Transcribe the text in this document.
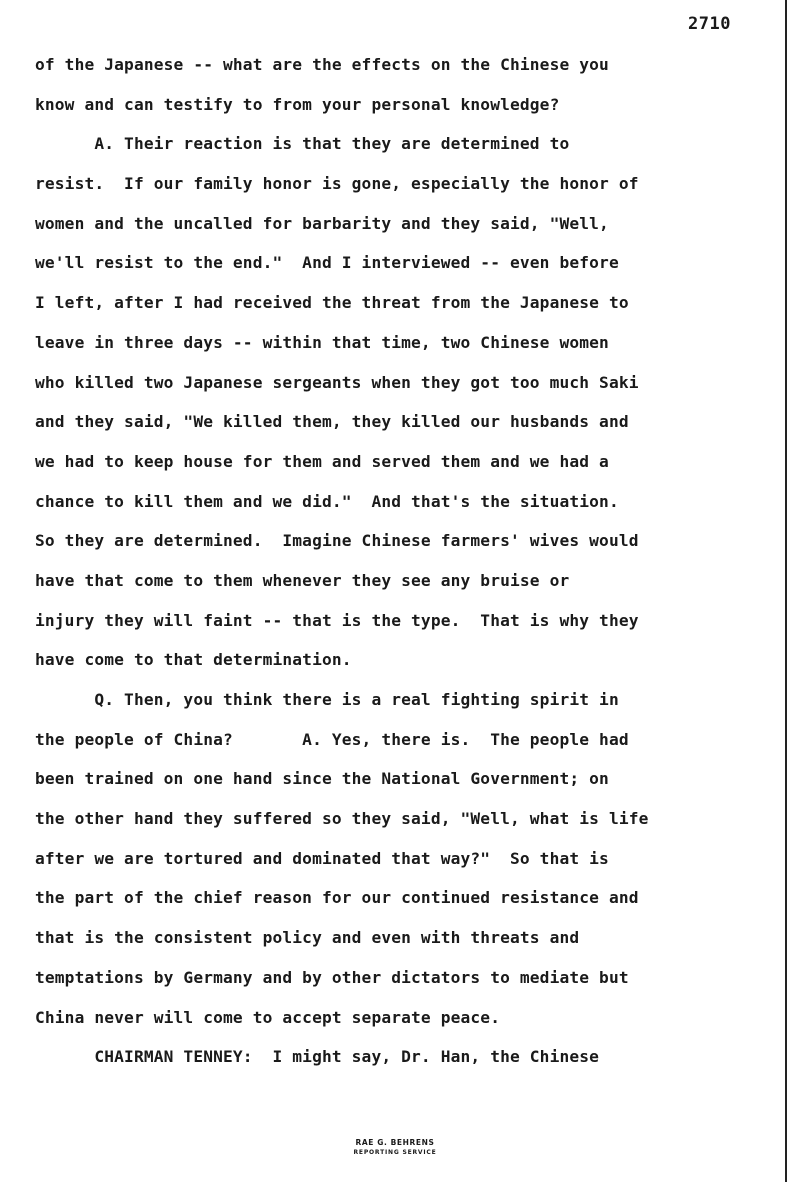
2710
of the Japanese -- what are the effects on the Chinese you
know and can testify to from your personal knowledge?
A. Their reaction is that they are determined to
resist.  If our family honor is gone, especially the honor of
women and the uncalled for barbarity and they said, "Well,
we'll resist to the end."  And I interviewed -- even before
I left, after I had received the threat from the Japanese to
leave in three days -- within that time, two Chinese women
who killed two Japanese sergeants when they got too much Saki
and they said, "We killed them, they killed our husbands and
we had to keep house for them and served them and we had a
chance to kill them and we did."  And that's the situation.
So they are determined.  Imagine Chinese farmers' wives would
have that come to them whenever they see any bruise or
injury they will faint -- that is the type.  That is why they
have come to that determination.
Q. Then, you think there is a real fighting spirit in
the people of China?       A. Yes, there is.  The people had
been trained on one hand since the National Government; on
the other hand they suffered so they said, "Well, what is life
after we are tortured and dominated that way?"  So that is
the part of the chief reason for our continued resistance and
that is the consistent policy and even with threats and
temptations by Germany and by other dictators to mediate but
China never will come to accept separate peace.
CHAIRMAN TENNEY:  I might say, Dr. Han, the Chinese
RAE G. BEHRENS
REPORTING SERVICE
